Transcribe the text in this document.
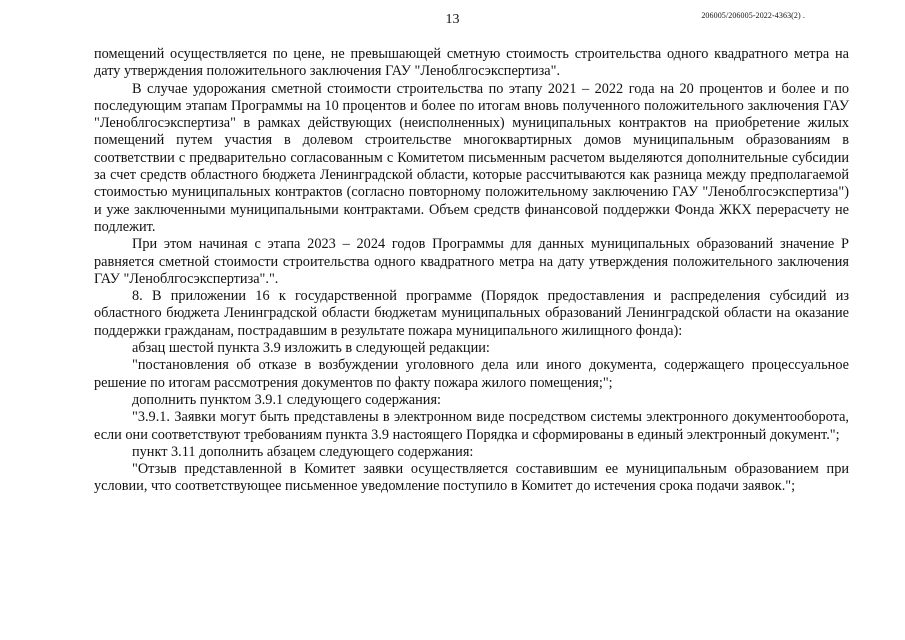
13	206005/206005-2022-4363(2) .

помещений осуществляется по цене, не превышающей сметную стоимость строительства одного квадратного метра на дату утверждения положительного заключения ГАУ "Леноблгосэкспертиза".

В случае удорожания сметной стоимости строительства по этапу 2021 – 2022 года на 20 процентов и более и по последующим этапам Программы на 10 процентов и более по итогам вновь полученного положительного заключения ГАУ "Леноблгосэкспертиза" в рамках действующих (неисполненных) муниципальных контрактов на приобретение жилых помещений путем участия в долевом строительстве многоквартирных домов муниципальным образованиям в соответствии с предварительно согласованным с Комитетом письменным расчетом выделяются дополнительные субсидии за счет средств областного бюджета Ленинградской области, которые рассчитываются как разница между предполагаемой стоимостью муниципальных контрактов (согласно повторному положительному заключению ГАУ "Леноблгосэкспертиза") и уже заключенными муниципальными контрактами. Объем средств финансовой поддержки Фонда ЖКХ перерасчету не подлежит.

При этом начиная с этапа 2023 – 2024 годов Программы для данных муниципальных образований значение Р равняется сметной стоимости строительства одного квадратного метра на дату утверждения положительного заключения ГАУ "Леноблгосэкспертиза".".

8. В приложении 16 к государственной программе (Порядок предоставления и распределения субсидий из областного бюджета Ленинградской области бюджетам муниципальных образований Ленинградской области на оказание поддержки гражданам, пострадавшим в результате пожара муниципального жилищного фонда):

абзац шестой пункта 3.9 изложить в следующей редакции:

"постановления об отказе в возбуждении уголовного дела или иного документа, содержащего процессуальное решение по итогам рассмотрения документов по факту пожара жилого помещения;";

дополнить пунктом 3.9.1 следующего содержания:

"3.9.1. Заявки могут быть представлены в электронном виде посредством системы электронного документооборота, если они соответствуют требованиям пункта 3.9 настоящего Порядка и сформированы в единый электронный документ.";

пункт 3.11 дополнить абзацем следующего содержания:

"Отзыв представленной в Комитет заявки осуществляется составившим ее муниципальным образованием при условии, что соответствующее письменное уведомление поступило в Комитет до истечения срока подачи заявок.";
